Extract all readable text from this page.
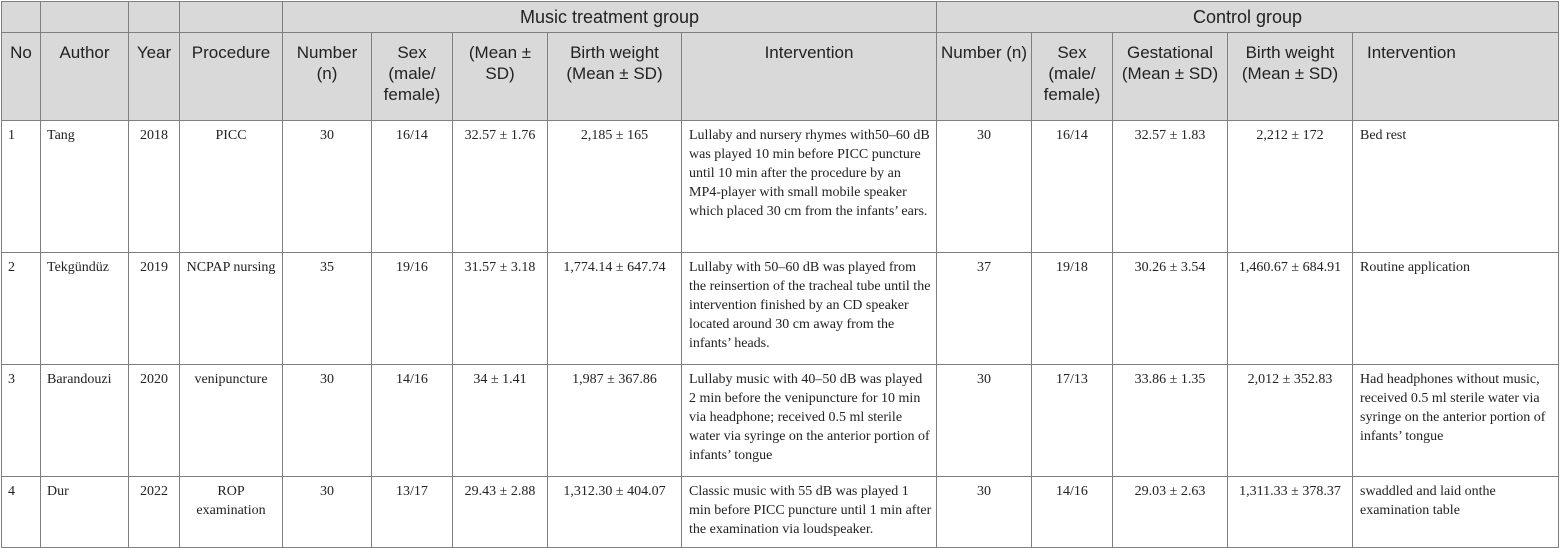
				Music treatment group					Control group				
No	Author	Year	Procedure	Number (n)	Sex (male/ female)	(Mean ± SD)	Birth weight (Mean ± SD)	Intervention	Number (n)	Sex (male/ female)	Gestational (Mean ± SD)	Birth weight (Mean ± SD)	Intervention
1	Tang	2018	PICC	30	16/14	32.57 ± 1.76	2,185 ± 165	Lullaby and nursery rhymes with50–60 dB was played 10 min before PICC puncture until 10 min after the procedure by an MP4-player with small mobile speaker which placed 30 cm from the infants’ ears.	30	16/14	32.57 ± 1.83	2,212 ± 172	Bed rest
2	Tekgündüz	2019	NCPAP nursing	35	19/16	31.57 ± 3.18	1,774.14 ± 647.74	Lullaby with 50–60 dB was played from the reinsertion of the tracheal tube until the intervention finished by an CD speaker located around 30 cm away from the infants’ heads.	37	19/18	30.26 ± 3.54	1,460.67 ± 684.91	Routine application
3	Barandouzi	2020	venipuncture	30	14/16	34 ± 1.41	1,987 ± 367.86	Lullaby music with 40–50 dB was played 2 min before the venipuncture for 10 min via headphone; received 0.5 ml sterile water via syringe on the anterior portion of infants’ tongue	30	17/13	33.86 ± 1.35	2,012 ± 352.83	Had headphones without music, received 0.5 ml sterile water via syringe on the anterior portion of infants’ tongue
4	Dur	2022	ROP examination	30	13/17	29.43 ± 2.88	1,312.30 ± 404.07	Classic music with 55 dB was played 1 min before PICC puncture until 1 min after the examination via loudspeaker.	30	14/16	29.03 ± 2.63	1,311.33 ± 378.37	swaddled and laid onthe examination table
